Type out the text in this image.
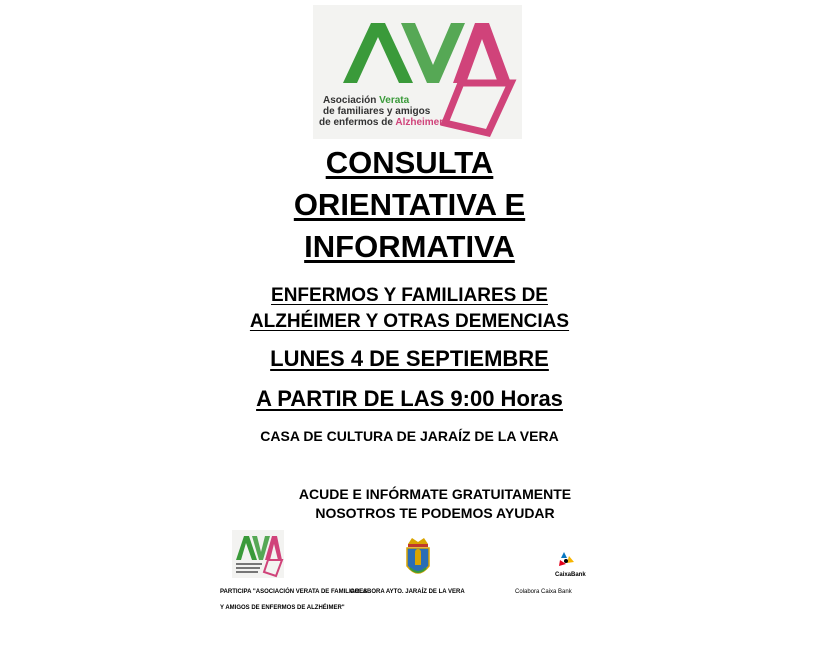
Asociación Verata
de familiares y amigos
de enfermos de Alzheimer
CONSULTA
ORIENTATIVA E
INFORMATIVA
ENFERMOS Y FAMILIARES DE
ALZHÉIMER Y OTRAS DEMENCIAS
LUNES 4 DE SEPTIEMBRE
A PARTIR DE LAS 9:00 Horas
CASA DE CULTURA DE JARAÍZ DE LA VERA
ACUDE E INFÓRMATE GRATUITAMENTE
NOSOTROS TE PODEMOS AYUDAR
CaixaBank
PARTICIPA "ASOCIACIÓN VERATA DE FAMILIARES
Y AMIGOS DE ENFERMOS DE ALZHÉIMER"
COLABORA AYTO. JARAÍZ DE LA VERA	Colabora Caixa Bank
